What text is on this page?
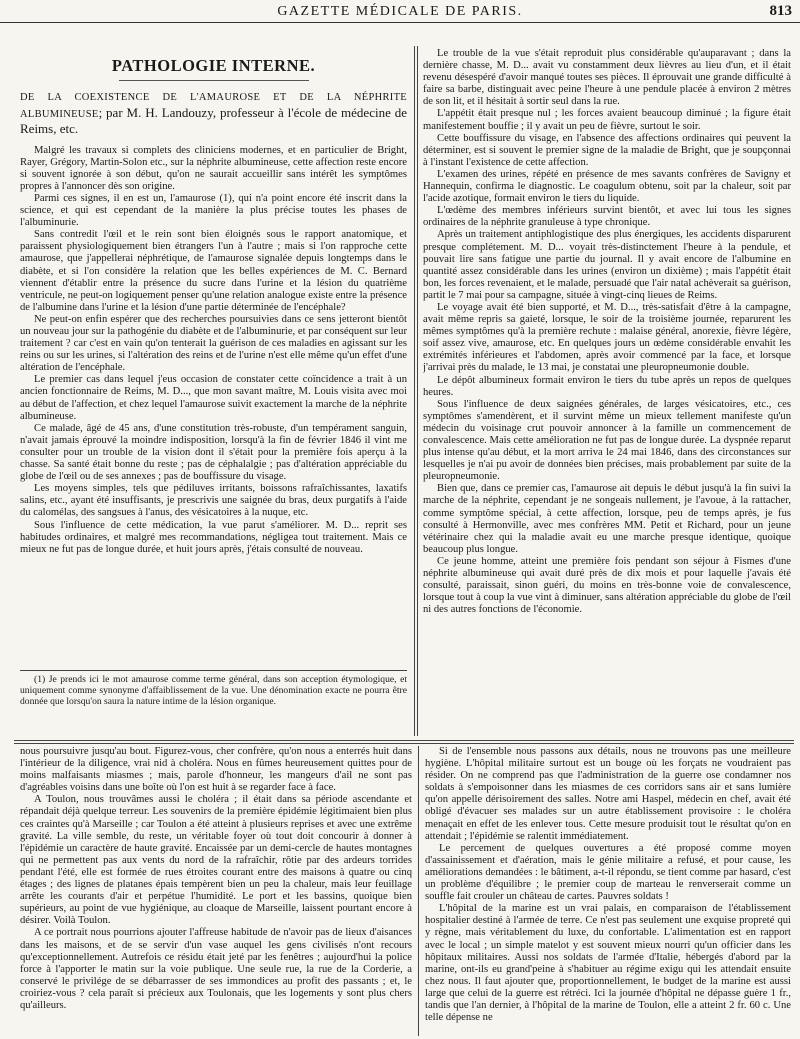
GAZETTE MÉDICALE DE PARIS.	813
PATHOLOGIE INTERNE.

DE LA COEXISTENCE DE L'AMAUROSE ET DE LA NÉPHRITE ALBUMINEUSE; par M. H. Landouzy, professeur à l'école de médecine de Reims, etc.

Malgré les travaux si complets des cliniciens modernes, et en particulier de Bright, Rayer, Grégory, Martin-Solon etc., sur la néphrite albumineuse, cette affection reste encore si souvent ignorée à son début, qu'on ne saurait accueillir sans intérêt les symptômes propres à l'annoncer dès son origine.

Parmi ces signes, il en est un, l'amaurose (1), qui n'a point encore été inscrit dans la science, et qui est cependant de la manière la plus précise toutes les phases de l'albuminurie.

Sans contredit l'œil et le rein sont bien éloignés sous le rapport anatomique, et paraissent physiologiquement bien étrangers l'un à l'autre ; mais si l'on rapproche cette amaurose, que j'appellerai néphrétique, de l'amaurose signalée depuis longtemps dans le diabète, et si l'on considère la relation que les belles expériences de M. C. Bernard viennent d'établir entre la présence du sucre dans l'urine et la lésion du quatrième ventricule, ne peut-on logiquement penser qu'une relation analogue existe entre la présence de l'albumine dans l'urine et la lésion d'une partie déterminée de l'encéphale?

Ne peut-on enfin espérer que des recherches poursuivies dans ce sens jetteront bientôt un nouveau jour sur la pathogénie du diabète et de l'albuminurie, et par conséquent sur leur traitement ? car c'est en vain qu'on tenterait la guérison de ces maladies en agissant sur les reins ou sur les urines, si l'altération des reins et de l'urine n'est elle même qu'un effet d'une altération de l'encéphale.

Le premier cas dans lequel j'eus occasion de constater cette coïncidence a trait à un ancien fonctionnaire de Reims, M. D..., que mon savant maître, M. Louis visita avec moi au début de l'affection, et chez lequel l'amaurose suivit exactement la marche de la néphrite albumineuse.

Ce malade, âgé de 45 ans, d'une constitution très-robuste, d'un tempérament sanguin, n'avait jamais éprouvé la moindre indisposition, lorsqu'à la fin de février 1846 il vint me consulter pour un trouble de la vision dont il s'était pour la première fois aperçu à la chasse. Sa santé était bonne du reste ; pas de céphalalgie ; pas d'altération appréciable du globe de l'œil ou de ses annexes ; pas de bouffissure du visage.

Les moyens simples, tels que pédiluves irritants, boissons rafraîchissantes, laxatifs salins, etc., ayant été insuffisants, je prescrivis une saignée du bras, deux purgatifs à l'aide du calomélas, des sangsues à l'anus, des vésicatoires à la nuque, etc.

Sous l'influence de cette médication, la vue parut s'améliorer. M. D... reprit ses habitudes ordinaires, et malgré mes recommandations, négligea tout traitement. Mais ce mieux ne fut pas de longue durée, et huit jours après, j'étais consulté de nouveau.

(1) Je prends ici le mot amaurose comme terme général, dans son acception étymologique, et uniquement comme synonyme d'affaiblissement de la vue. Une dénomination exacte ne pourra être donnée que lorsqu'on saura la nature intime de la lésion organique.

Le trouble de la vue s'était reproduit plus considérable qu'auparavant ; dans la dernière chasse, M. D... avait vu constamment deux lièvres au lieu d'un, et il était revenu désespéré d'avoir manqué toutes ses pièces. Il éprouvait une grande difficulté à faire sa barbe, distinguait avec peine l'heure à une pendule placée à environ 2 mètres de son lit, et il hésitait à sortir seul dans la rue.

L'appétit était presque nul ; les forces avaient beaucoup diminué ; la figure était manifestement bouffie ; il y avait un peu de fièvre, surtout le soir.

Cette bouffissure du visage, en l'absence des affections ordinaires qui peuvent la déterminer, est si souvent le premier signe de la maladie de Bright, que je soupçonnai à l'instant l'existence de cette affection.

L'examen des urines, répété en présence de mes savants confrères de Savigny et Hannequin, confirma le diagnostic. Le coagulum obtenu, soit par la chaleur, soit par l'acide azotique, formait environ le tiers du liquide.

L'œdème des membres inférieurs survint bientôt, et avec lui tous les signes ordinaires de la néphrite granuleuse à type chronique.

Après un traitement antiphlogistique des plus énergiques, les accidents disparurent presque complétement. M. D... voyait très-distinctement l'heure à la pendule, et pouvait lire sans fatigue une partie du journal. Il y avait encore de l'albumine en quantité assez considérable dans les urines (environ un dixième) ; mais l'appétit était bon, les forces revenaient, et le malade, persuadé que l'air natal achèverait sa guérison, partit le 7 mai pour sa campagne, située à vingt-cinq lieues de Reims.

Le voyage avait été bien supporté, et M. D..., très-satisfait d'être à la campagne, avait même repris sa gaieté, lorsque, le soir de la troisième journée, reparurent les mêmes symptômes qu'à la première rechute : malaise général, anorexie, fièvre légère, soif assez vive, amaurose, etc. En quelques jours un œdème considérable envahit les extrémités inférieures et l'abdomen, après avoir commencé par la face, et lorsque j'arrivai près du malade, le 13 mai, je constatai une pleuropneumonie double.

Le dépôt albumineux formait environ le tiers du tube après un repos de quelques heures.

Sous l'influence de deux saignées générales, de larges vésicatoires, etc., ces symptômes s'amendèrent, et il survint même un mieux tellement manifeste qu'un médecin du voisinage crut pouvoir annoncer à la famille un commencement de convalescence. Mais cette amélioration ne fut pas de longue durée. La dyspnée reparut plus intense qu'au début, et la mort arriva le 24 mai 1846, dans des circonstances sur lesquelles je n'ai pu avoir de données bien précises, mais probablement par suite de la pleuropneumonie.

Bien que, dans ce premier cas, l'amaurose ait depuis le début jusqu'à la fin suivi la marche de la néphrite, cependant je ne songeais nullement, je l'avoue, à la rattacher, comme symptôme spécial, à cette affection, lorsque, peu de temps après, je fus consulté à Hermonville, avec mes confrères MM. Petit et Richard, pour un jeune vétérinaire chez qui la maladie avait eu une marche presque identique, quoique beaucoup plus longue.

Ce jeune homme, atteint une première fois pendant son séjour à Fismes d'une néphrite albumineuse qui avait duré près de dix mois et pour laquelle j'avais été consulté, paraissait, sinon guéri, du moins en très-bonne voie de convalescence, lorsque tout à coup la vue vint à diminuer, sans altération appréciable du globe de l'œil ni des autres fonctions de l'économie.

nous poursuivre jusqu'au bout. Figurez-vous, cher confrère, qu'on nous a enterrés huit dans l'intérieur de la diligence, vrai nid à choléra. Nous en fûmes heureusement quittes pour de moins malfaisants miasmes ; mais, parole d'honneur, les mangeurs d'ail ne sont pas d'agréables voisins dans une boîte où l'on est huit à se regarder face à face.

A Toulon, nous trouvâmes aussi le choléra ; il était dans sa période ascendante et répandait déjà quelque terreur. Les souvenirs de la première épidémie légitimaient bien plus ces craintes qu'à Marseille ; car Toulon a été atteint à plusieurs reprises et avec une extrême gravité. La ville semble, du reste, un véritable foyer où tout doit concourir à donner à l'épidémie un caractère de haute gravité. Encaissée par un demi-cercle de hautes montagnes qui ne permettent pas aux vents du nord de la rafraîchir, rôtie par des ardeurs torrides pendant l'été, elle est formée de rues étroites courant entre des maisons à quatre ou cinq étages ; des lignes de platanes épais tempèrent bien un peu la chaleur, mais leur feuillage arrête les courants d'air et perpétue l'humidité. Le port et les bassins, quoique bien supérieurs, au point de vue hygiénique, au cloaque de Marseille, laissent pourtant encore à désirer. Voilà Toulon.

A ce portrait nous pourrions ajouter l'affreuse habitude de n'avoir pas de lieux d'aisances dans les maisons, et de se servir d'un vase auquel les gens civilisés n'ont recours qu'exceptionnellement. Autrefois ce résidu était jeté par les fenêtres ; aujourd'hui la police force à l'apporter le matin sur la voie publique. Une seule rue, la rue de la Corderie, a conservé le privilége de se débarrasser de ses immondices au profit des passants ; et, le croiriez-vous ? cela paraît si précieux aux Toulonais, que les logements y sont plus chers qu'ailleurs.

Si de l'ensemble nous passons aux détails, nous ne trouvons pas une meilleure hygiène. L'hôpital militaire surtout est un bouge où les forçats ne voudraient pas résider. On ne comprend pas que l'administration de la guerre ose condamner nos soldats à s'empoisonner dans les miasmes de ces corridors sans air et sans lumière qu'on appelle dérisoirement des salles. Notre ami Haspel, médecin en chef, avait été obligé d'évacuer ses malades sur un autre établissement provisoire : le choléra menaçait en effet de les enlever tous. Cette mesure produisit tout le résultat qu'on en attendait ; l'épidémie se ralentit immédiatement.

Le percement de quelques ouvertures a été proposé comme moyen d'assainissement et d'aération, mais le génie militaire a refusé, et pour cause, les améliorations demandées : le bâtiment, a-t-il répondu, se tient comme par hasard, c'est un problème d'équilibre ; le premier coup de marteau le renverserait comme un souffle fait crouler un château de cartes. Pauvres soldats !

L'hôpital de la marine est un vrai palais, en comparaison de l'établissement hospitalier destiné à l'armée de terre. Ce n'est pas seulement une exquise propreté qui y règne, mais véritablement du luxe, du confortable. L'alimentation est en rapport avec le local ; un simple matelot y est souvent mieux nourri qu'un officier dans les hôpitaux militaires. Aussi nos soldats de l'armée d'Italie, hébergés d'abord par la marine, ont-ils eu grand'peine à s'habituer au régime exigu qui les attendait ensuite chez nous. Il faut ajouter que, proportionnellement, le budget de la marine est aussi large que celui de la guerre est rétréci. Ici la journée d'hôpital ne dépasse guère 1 fr., tandis que l'an dernier, à l'hôpital de la marine de Toulon, elle a atteint 2 fr. 60 c. Une telle dépense ne
